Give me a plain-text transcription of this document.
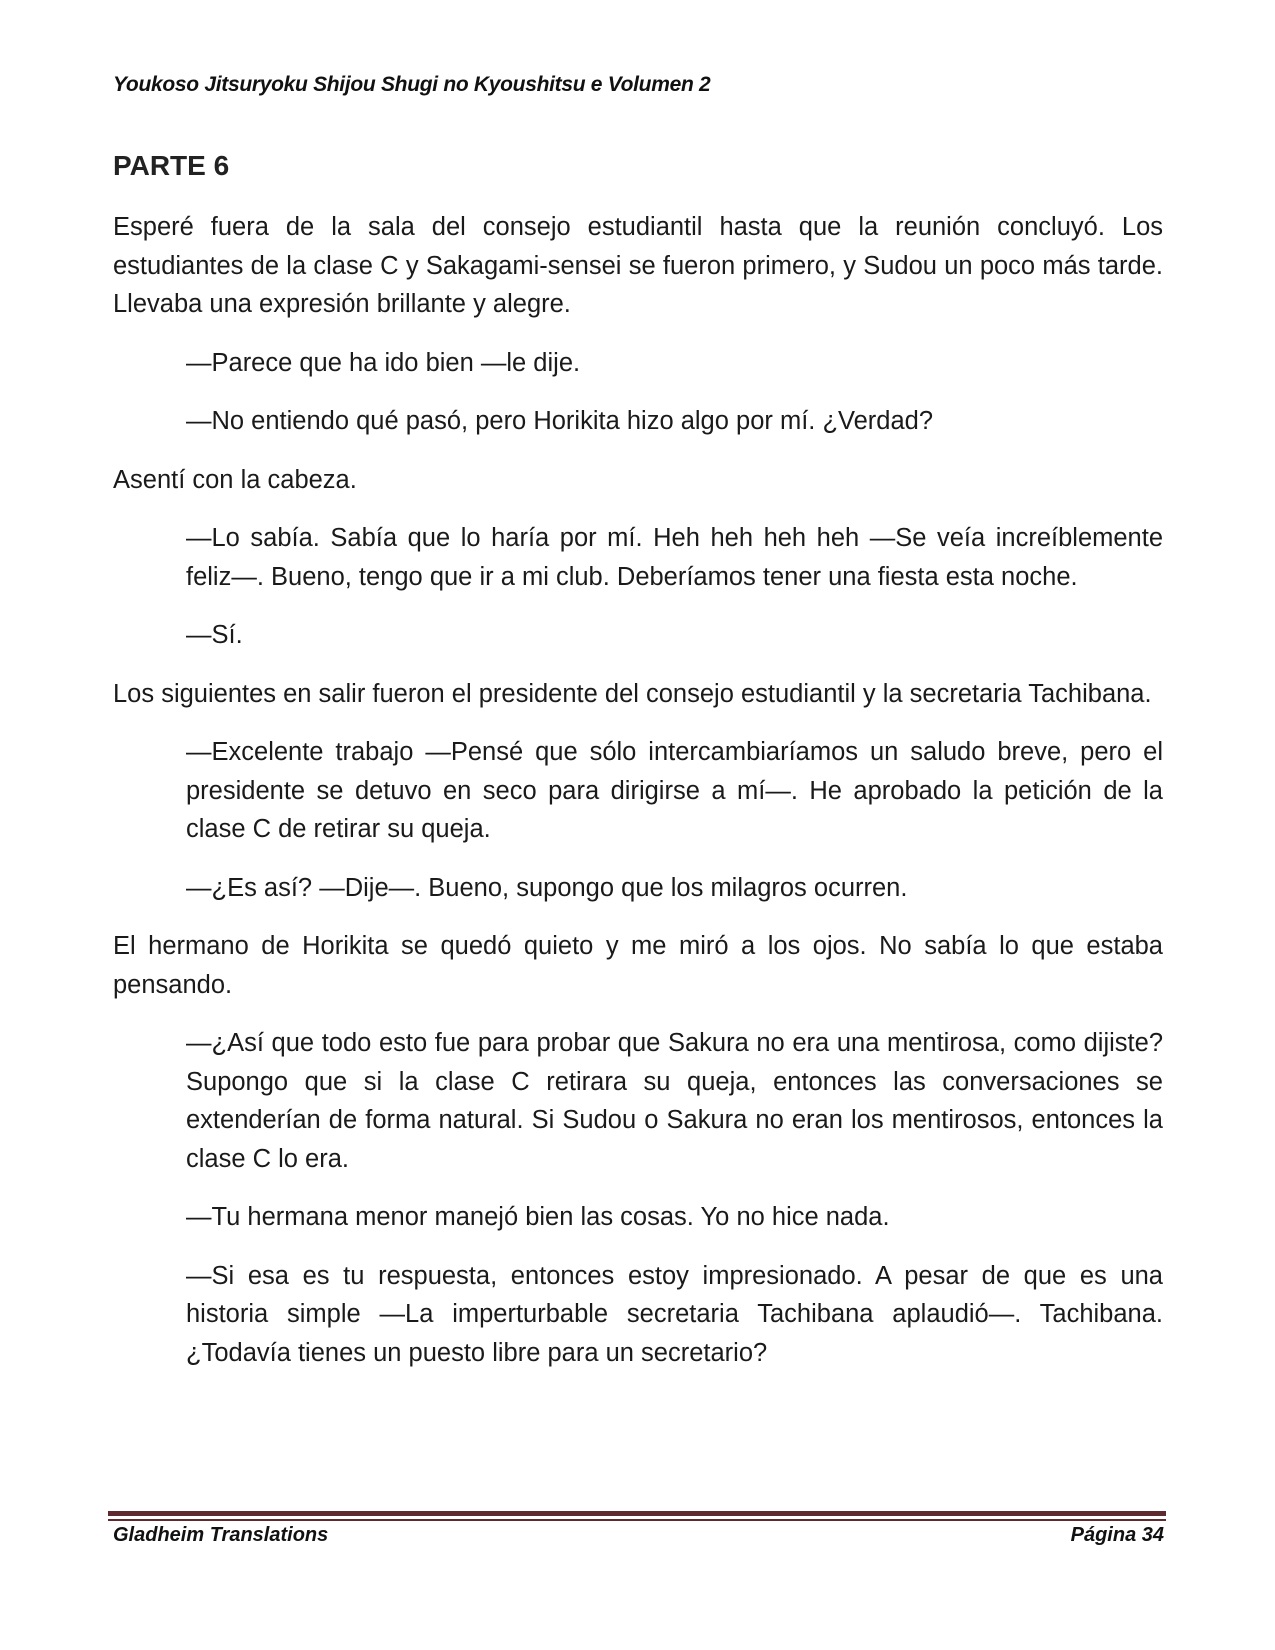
Youkoso Jitsuryoku Shijou Shugi no Kyoushitsu e Volumen 2
PARTE 6

Esperé fuera de la sala del consejo estudiantil hasta que la reunión concluyó. Los estudiantes de la clase C y Sakagami-sensei se fueron primero, y Sudou un poco más tarde. Llevaba una expresión brillante y alegre.

—Parece que ha ido bien —le dije.

—No entiendo qué pasó, pero Horikita hizo algo por mí. ¿Verdad?

Asentí con la cabeza.

—Lo sabía. Sabía que lo haría por mí. Heh heh heh heh —Se veía increíblemente feliz—. Bueno, tengo que ir a mi club. Deberíamos tener una fiesta esta noche.

—Sí.

Los siguientes en salir fueron el presidente del consejo estudiantil y la secretaria Tachibana.

—Excelente trabajo —Pensé que sólo intercambiaríamos un saludo breve, pero el presidente se detuvo en seco para dirigirse a mí—. He aprobado la petición de la clase C de retirar su queja.

—¿Es así? —Dije—. Bueno, supongo que los milagros ocurren.

El hermano de Horikita se quedó quieto y me miró a los ojos. No sabía lo que estaba pensando.

—¿Así que todo esto fue para probar que Sakura no era una mentirosa, como dijiste? Supongo que si la clase C retirara su queja, entonces las conversaciones se extenderían de forma natural. Si Sudou o Sakura no eran los mentirosos, entonces la clase C lo era.

—Tu hermana menor manejó bien las cosas. Yo no hice nada.

—Si esa es tu respuesta, entonces estoy impresionado. A pesar de que es una historia simple —La imperturbable secretaria Tachibana aplaudió—. Tachibana. ¿Todavía tienes un puesto libre para un secretario?

Gladheim Translations	Página 34
